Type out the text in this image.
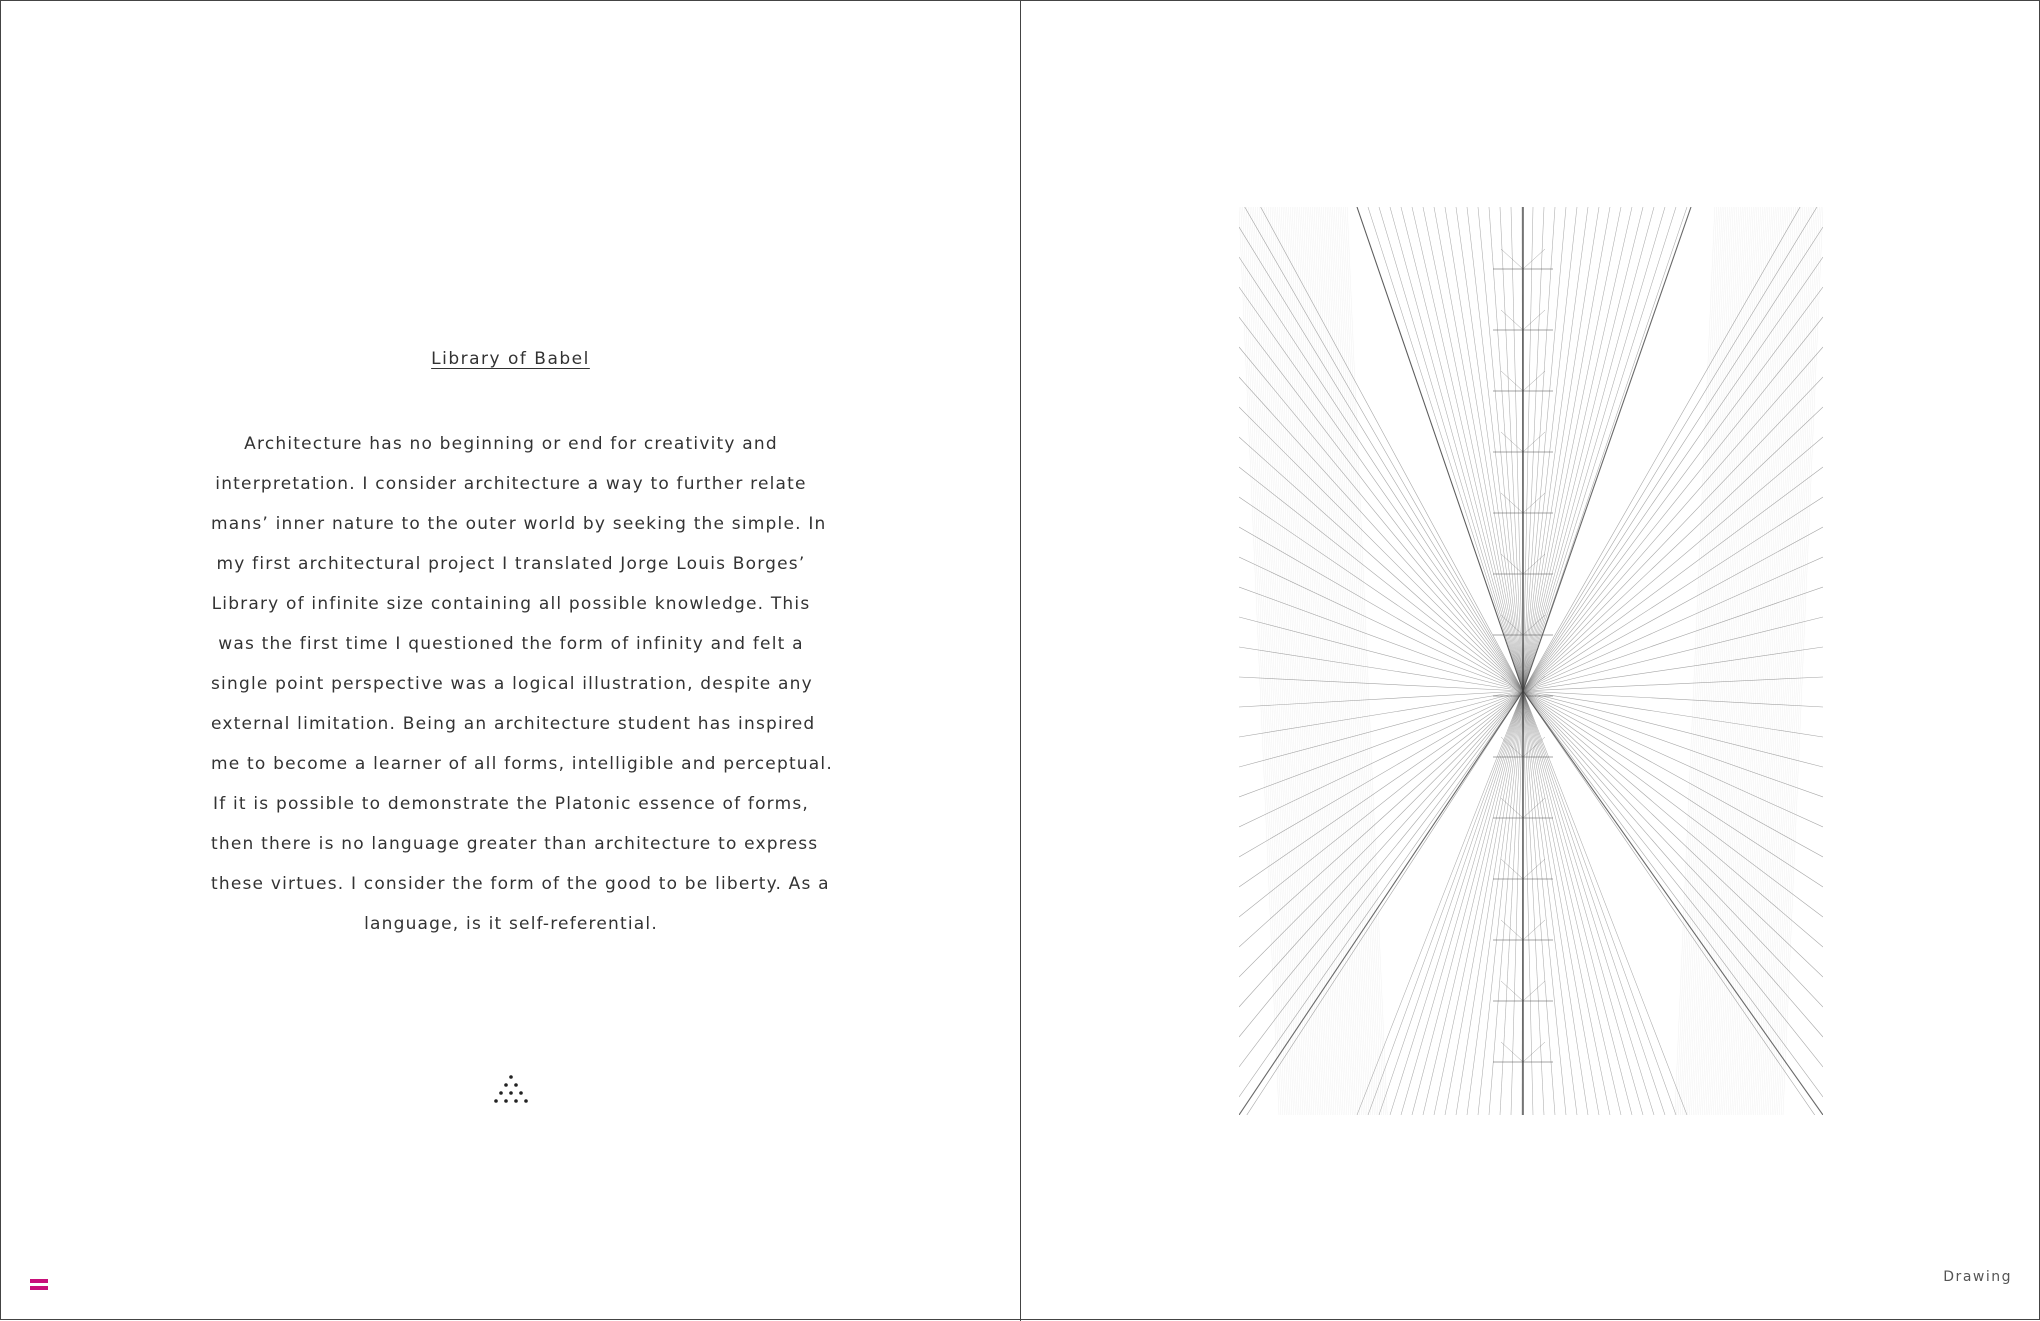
Library of Babel

Architecture has no beginning or end for creativity and
interpretation. I consider architecture a way to further relate
mans’ inner nature to the outer world by seeking the simple. In
my first architectural project I translated Jorge Louis Borges’
Library of infinite size containing all possible knowledge. This
was the first time I questioned the form of infinity and felt a
single point perspective was a logical illustration, despite any
external limitation. Being an architecture student has inspired
me to become a learner of all forms, intelligible and perceptual.
If it is possible to demonstrate the Platonic essence of forms,
then there is no language greater than architecture to express
these virtues. I consider the form of the good to be liberty. As a
language, is it self-referential.

Drawing
